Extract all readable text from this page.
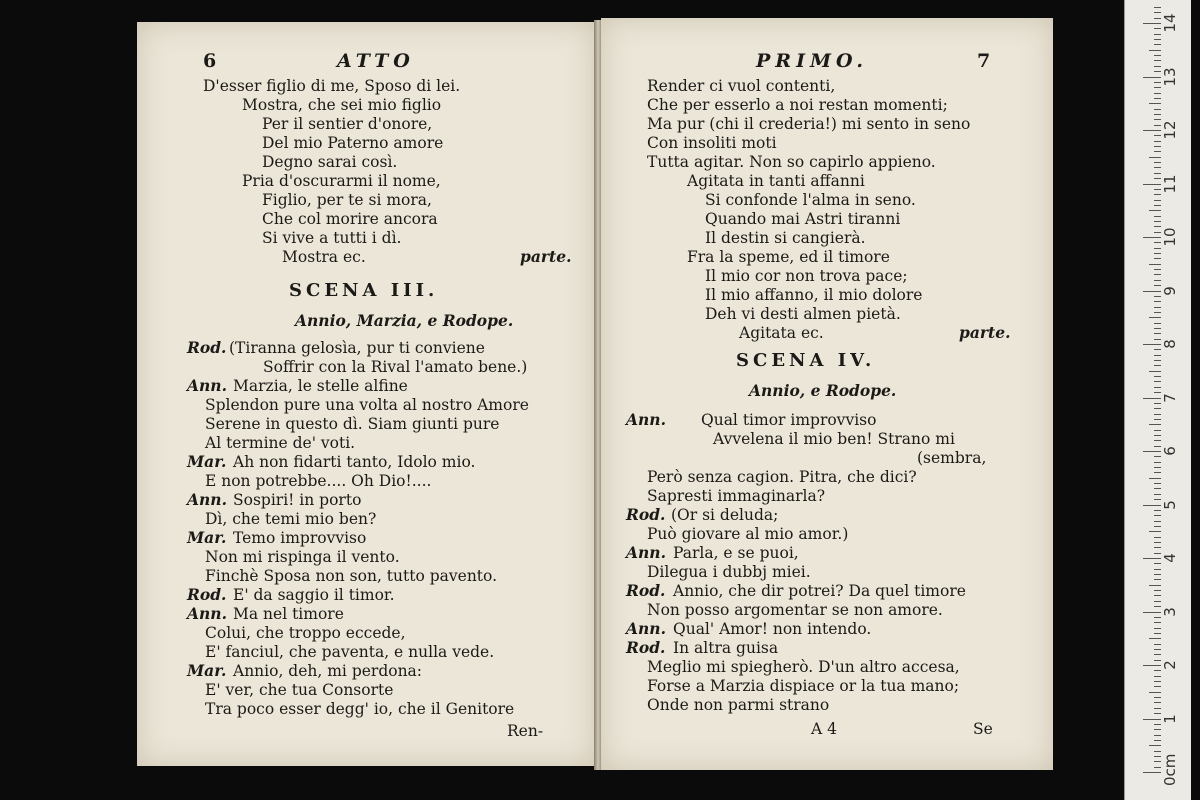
6	ATTO
D'esser figlio di me, Sposo di lei.
Mostra, che sei mio figlio
Per il sentier d'onore,
Del mio Paterno amore
Degno sarai così.
Pria d'oscurarmi il nome,
Figlio, per te si mora,
Che col morire ancora
Si vive a tutti i dì.
Mostra ec.	parte.
SCENA III.
Annio, Marzia, e Rodope.
Rod. (Tiranna gelosìa, pur ti conviene
Soffrir con la Rival l'amato bene.)
Ann. Marzia, le stelle alfine
Splendon pure una volta al nostro Amore
Serene in questo dì. Siam giunti pure
Al termine de' voti.
Mar. Ah non fidarti tanto, Idolo mio.
E non potrebbe.... Oh Dio!....
Ann. Sospiri! in porto
Dì, che temi mio ben?
Mar. Temo improvviso
Non mi rispinga il vento.
Finchè Sposa non son, tutto pavento.
Rod. E' da saggio il timor.
Ann. Ma nel timore
Colui, che troppo eccede,
E' fanciul, che paventa, e nulla vede.
Mar. Annio, deh, mi perdona:
E' ver, che tua Consorte
Tra poco esser degg' io, che il Genitore
Ren-
PRIMO.	7
Render ci vuol contenti,
Che per esserlo a noi restan momenti;
Ma pur (chi il crederia!) mi sento in seno
Con insoliti moti
Tutta agitar. Non so capirlo appieno.
Agitata in tanti affanni
Si confonde l'alma in seno.
Quando mai Astri tiranni
Il destin si cangierà.
Fra la speme, ed il timore
Il mio cor non trova pace;
Il mio affanno, il mio dolore
Deh vi desti almen pietà.
Agitata ec.	parte.
SCENA IV.
Annio, e Rodope.
Ann. Qual timor improvviso
Avvelena il mio ben! Strano mi
(sembra,
Però senza cagion. Pitra, che dici?
Sapresti immaginarla?
Rod. (Or si deluda;
Può giovare al mio amor.)
Ann. Parla, e se puoi,
Dilegua i dubbj miei.
Rod. Annio, che dir potrei? Da quel timore
Non posso argomentar se non amore.
Ann. Qual' Amor! non intendo.
Rod. In altra guisa
Meglio mi spiegherò. D'un altro accesa,
Forse a Marzia dispiace or la tua mano;
Onde non parmi strano
A 4	Se
0cm
1
2
3
4
5
6
7
8
9
10
11
12
13
14
